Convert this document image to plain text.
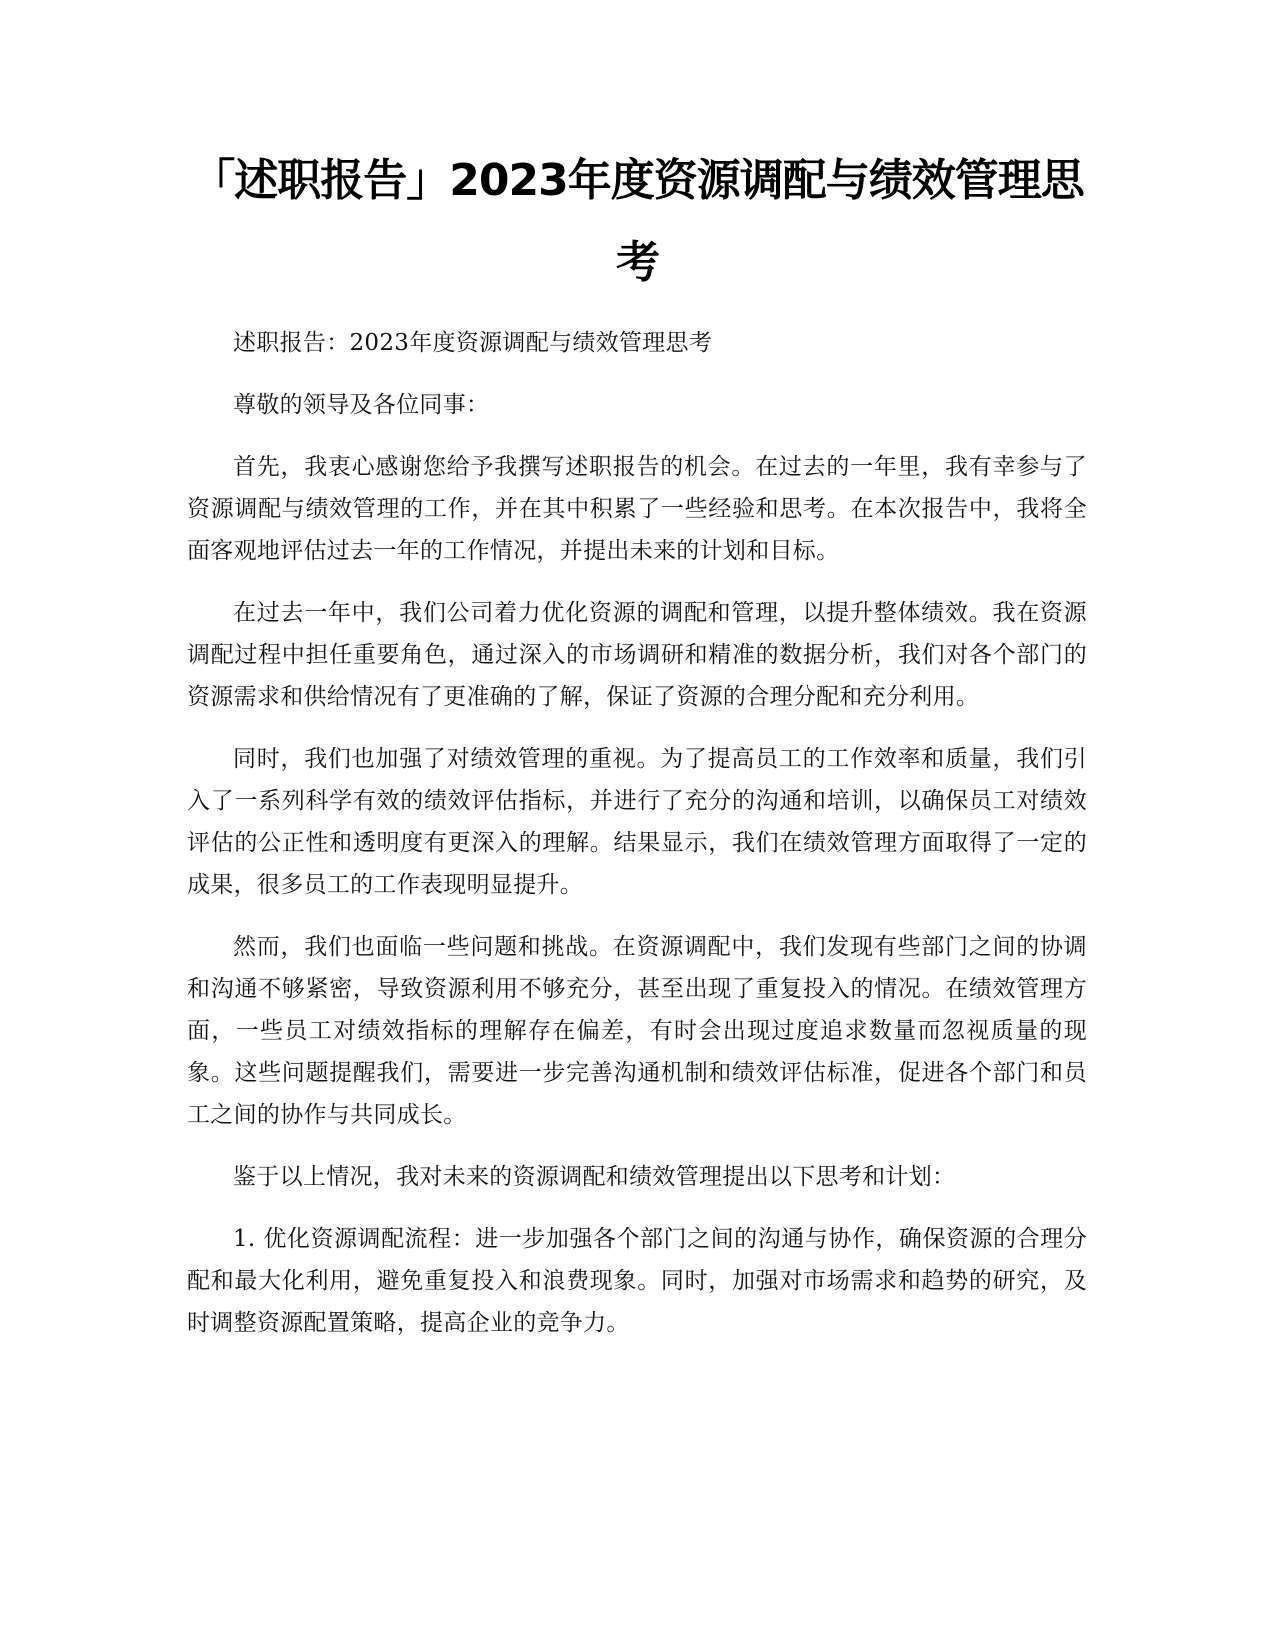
「述职报告」2023年度资源调配与绩效管理思考

述职报告：2023年度资源调配与绩效管理思考

尊敬的领导及各位同事：

首先，我衷心感谢您给予我撰写述职报告的机会。在过去的一年里，我有幸参与了资源调配与绩效管理的工作，并在其中积累了一些经验和思考。在本次报告中，我将全面客观地评估过去一年的工作情况，并提出未来的计划和目标。

在过去一年中，我们公司着力优化资源的调配和管理，以提升整体绩效。我在资源调配过程中担任重要角色，通过深入的市场调研和精准的数据分析，我们对各个部门的资源需求和供给情况有了更准确的了解，保证了资源的合理分配和充分利用。

同时，我们也加强了对绩效管理的重视。为了提高员工的工作效率和质量，我们引入了一系列科学有效的绩效评估指标，并进行了充分的沟通和培训，以确保员工对绩效评估的公正性和透明度有更深入的理解。结果显示，我们在绩效管理方面取得了一定的成果，很多员工的工作表现明显提升。

然而，我们也面临一些问题和挑战。在资源调配中，我们发现有些部门之间的协调和沟通不够紧密，导致资源利用不够充分，甚至出现了重复投入的情况。在绩效管理方面，一些员工对绩效指标的理解存在偏差，有时会出现过度追求数量而忽视质量的现象。这些问题提醒我们，需要进一步完善沟通机制和绩效评估标准，促进各个部门和员工之间的协作与共同成长。

鉴于以上情况，我对未来的资源调配和绩效管理提出以下思考和计划：

1. 优化资源调配流程：进一步加强各个部门之间的沟通与协作，确保资源的合理分配和最大化利用，避免重复投入和浪费现象。同时，加强对市场需求和趋势的研究，及时调整资源配置策略，提高企业的竞争力。
